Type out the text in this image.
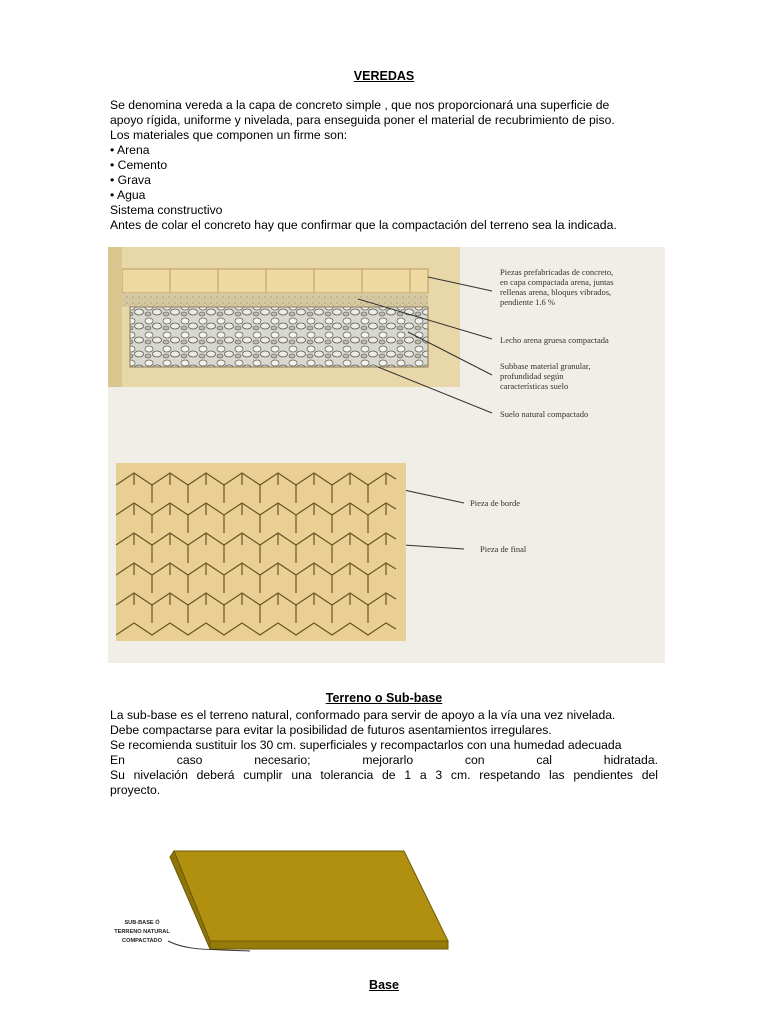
VEREDAS
Se denomina vereda a la capa de concreto simple , que nos proporcionará una superficie de
apoyo rígida, uniforme y nivelada, para enseguida poner el material de recubrimiento de piso.
Los materiales que componen un firme son:
• Arena
• Cemento
• Grava
• Agua
Sistema constructivo
Antes de colar el concreto hay que confirmar que la compactación del terreno sea la indicada.
Terreno o Sub-base
La sub-base es el terreno natural, conformado para servir de apoyo a la vía una vez nivelada.
Debe compactarse para evitar la posibilidad de futuros asentamientos irregulares.
Se recomienda sustituir los 30 cm. superficiales y recompactarlos con una humedad adecuada
En caso necesario; mejorarlo con cal hidratada.
Su nivelación deberá cumplir una tolerancia de 1 a 3 cm. respetando las pendientes del
proyecto.
Base
Piezas prefabricadas de concreto,
en capa compactada arena, juntas
rellenas arena, bloques vibrados,
pendiente 1.6 %
Lecho arena gruesa compactada
Subbase material granular,
profundidad según
características suelo
Suelo natural compactado
Pieza de borde
Pieza de final
SUB-BASE Ó
TERRENO NATURAL
COMPACTADO
